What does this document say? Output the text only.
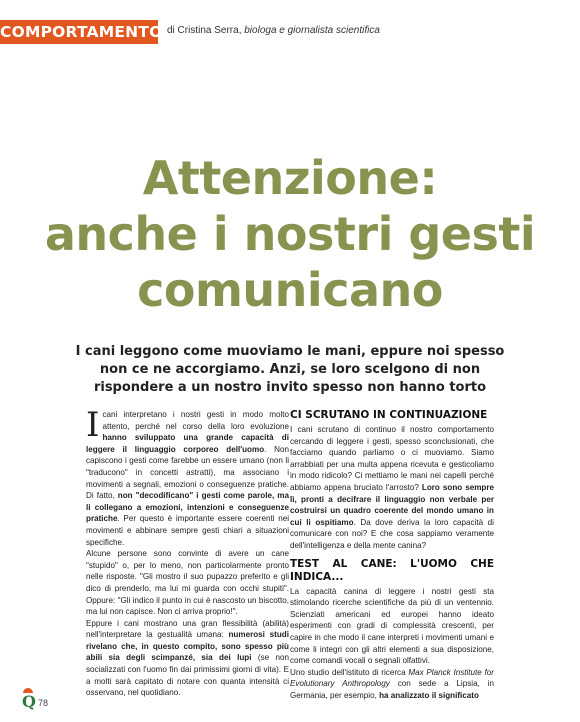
COMPORTAMENTO di Cristina Serra, biologa e giornalista scientifica
Attenzione:
anche i nostri gesti
comunicano
I cani leggono come muoviamo le mani, eppure noi spesso non ce ne accorgiamo. Anzi, se loro scelgono di non rispondere a un nostro invito spesso non hanno torto

Icani interpretano i nostri gesti in modo molto attento, perché nel corso della loro evoluzione hanno sviluppato una grande capacità di leggere il linguaggio corporeo dell'uomo. Non capiscono i gesti come farebbe un essere umano (non li "traducono" in concetti astratti), ma associano i movimenti a segnali, emozioni o conseguenze pratiche. Di fatto, non "decodificano" i gesti come parole, ma li collegano a emozioni, intenzioni e conseguenze pratiche. Per questo è importante essere coerenti nei movimenti e abbinare sempre gesti chiari a situazioni specifiche.

Alcune persone sono convinte di avere un cane "stupido" o, per lo meno, non particolarmente pronto nelle risposte. "Gli mostro il suo pupazzo preferito e gli dico di prenderlo, ma lui mi guarda con occhi stupiti". Oppure: "Gli indico il punto in cui è nascosto un biscotto, ma lui non capisce. Non ci arriva proprio!".

Eppure i cani mostrano una gran flessibilità (abilità) nell'interpretare la gestualità umana: numerosi studi rivelano che, in questo compito, sono spesso più abili sia degli scimpanzé, sia dei lupi (se non socializzati con l'uomo fin dai primissimi giorni di vita). E a molti sarà capitato di notare con quanta intensità ci osservano, nel quotidiano.

CI SCRUTANO IN CONTINUAZIONE

I cani scrutano di continuo il nostro comportamento cercando di leggere i gesti, spesso sconclusionati, che facciamo quando parliamo o ci muoviamo. Siamo arrabbiati per una multa appena ricevuta e gesticoliamo in modo ridicolo? Ci mettiamo le mani nei capelli perché abbiamo appena bruciato l'arrosto? Loro sono sempre lì, pronti a decifrare il linguaggio non verbale per costruirsi un quadro coerente del mondo umano in cui li ospitiamo. Da dove deriva la loro capacità di comunicare con noi? E che cosa sappiamo veramente dell'intelligenza e della mente canina?

TEST AL CANE: L'UOMO CHE INDICA...

La capacità canina di leggere i nostri gesti sta stimolando ricerche scientifiche da più di un ventennio. Scienziati americani ed europei hanno ideato esperimenti con gradi di complessità crescenti, per capire in che modo il cane interpreti i movimenti umani e come li integri con gli altri elementi a sua disposizione, come comandi vocali o segnali olfattivi.

Uno studio dell'istituto di ricerca Max Planck Institute for Evolutionary Anthropology con sede a Lipsia, in Germania, per esempio, ha analizzato il significato

Q 78
